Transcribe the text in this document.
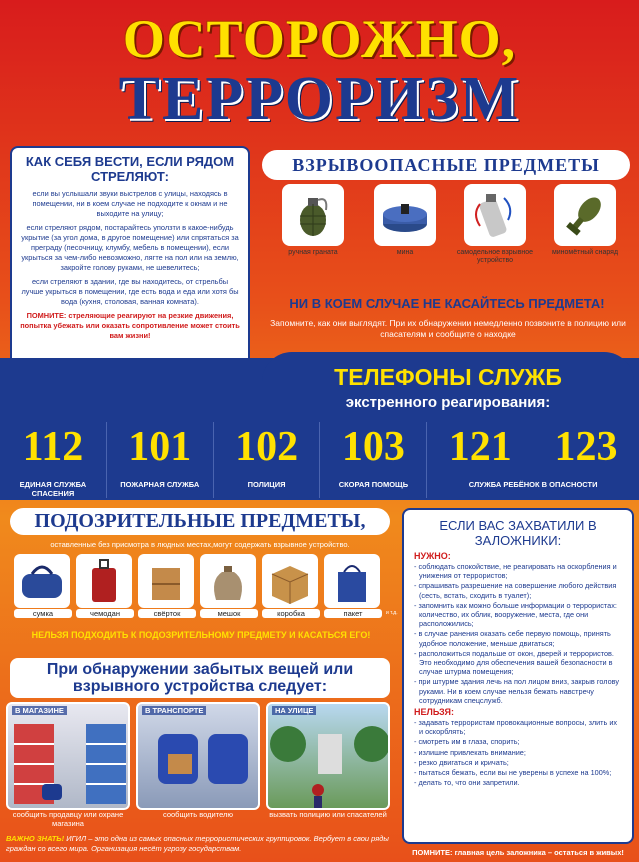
ОСТОРОЖНО,
ТЕРРОРИЗМ
КАК СЕБЯ ВЕСТИ, ЕСЛИ РЯДОМ СТРЕЛЯЮТ:

если вы услышали звуки выстрелов с улицы, находясь в помещении, ни в коем случае не подходите к окнам и не выходите на улицу;

если стреляют рядом, постарайтесь уползти в какое-нибудь укрытие (за угол дома, в другое помещение) или спрятаться за преграду (песочницу, клумбу, мебель в помещении), если укрыться за чем-либо невозможно, лягте на пол или на землю, закройте голову руками, не шевелитесь;

если стреляют в здании, где вы находитесь, от стрельбы лучше укрыться в помещении, где есть вода и еда или хотя бы вода (кухня, столовая, ванная комната).

ПОМНИТЕ: стреляющие реагируют на резкие движения, попытка убежать или оказать сопротивление может стоить вам жизни!

ВЗРЫВООПАСНЫЕ ПРЕДМЕТЫ
ручная граната	мина	самодельное взрывное устройство
миномётный снаряд
НИ В КОЕМ СЛУЧАЕ НЕ КАСАЙТЕСЬ ПРЕДМЕТА!
Запомните, как они выглядят. При их обнаружении немедленно позвоните в полицию или спасателям и сообщите о находке
ТЕЛЕФОНЫ СЛУЖБ
экстренного реагирования:
112
ЕДИНАЯ СЛУЖБА СПАСЕНИЯ
101
ПОЖАРНАЯ СЛУЖБА
102
ПОЛИЦИЯ
103
СКОРАЯ ПОМОЩЬ
121 123
СЛУЖБА РЕБЁНОК В ОПАСНОСТИ
ПОДОЗРИТЕЛЬНЫЕ ПРЕДМЕТЫ,
оставленные без присмотра в людных местах,могут содержать взрывное устройство.
сумка	чемодан	свёрток	мешок	коробка	пакет	и т.д.
НЕЛЬЗЯ ПОДХОДИТЬ К ПОДОЗРИТЕЛЬНОМУ ПРЕДМЕТУ И КАСАТЬСЯ ЕГО!
При обнаружении забытых вещей или взрывного устройства следует:
В МАГАЗИНЕ	В ТРАНСПОРТЕ	НА УЛИЦЕ
сообщить продавцу или охране магазина
сообщить водителю	вызвать полицию или спасателей
ВАЖНО ЗНАТЬ! ИГИЛ – это одна из самых опасных террористических группировок. Вербует в свои ряды граждан со всего мира. Организация несёт угрозу государствам.
ЕСЛИ ВАС ЗАХВАТИЛИ В ЗАЛОЖНИКИ:
НУЖНО:
- соблюдать спокойствие, не реагировать на оскорбления и унижения от террористов;
- спрашивать разрешение на совершение любого действия (сесть, встать, сходить в туалет);
- запомнить как можно больше информации о террористах: количество, их облик, вооружение, места, где они расположились;
- в случае ранения оказать себе первую помощь, принять удобное положение, меньше двигаться;
- расположиться подальше от окон, дверей и террористов. Это необходимо для обеспечения вашей безопасности в случае штурма помещения;
- при штурме здания лечь на пол лицом вниз, закрыв голову руками. Ни в коем случае нельзя бежать навстречу сотрудникам спецслужб.
НЕЛЬЗЯ:
- задавать террористам провокационные вопросы, злить их и оскорблять;
- смотреть им в глаза, спорить;
- излишне привлекать внимание;
- резко двигаться и кричать;
- пытаться бежать, если вы не уверены в успехе на 100%;
- делать то, что они запретили.
ПОМНИТЕ: главная цель заложника – остаться в живых!
